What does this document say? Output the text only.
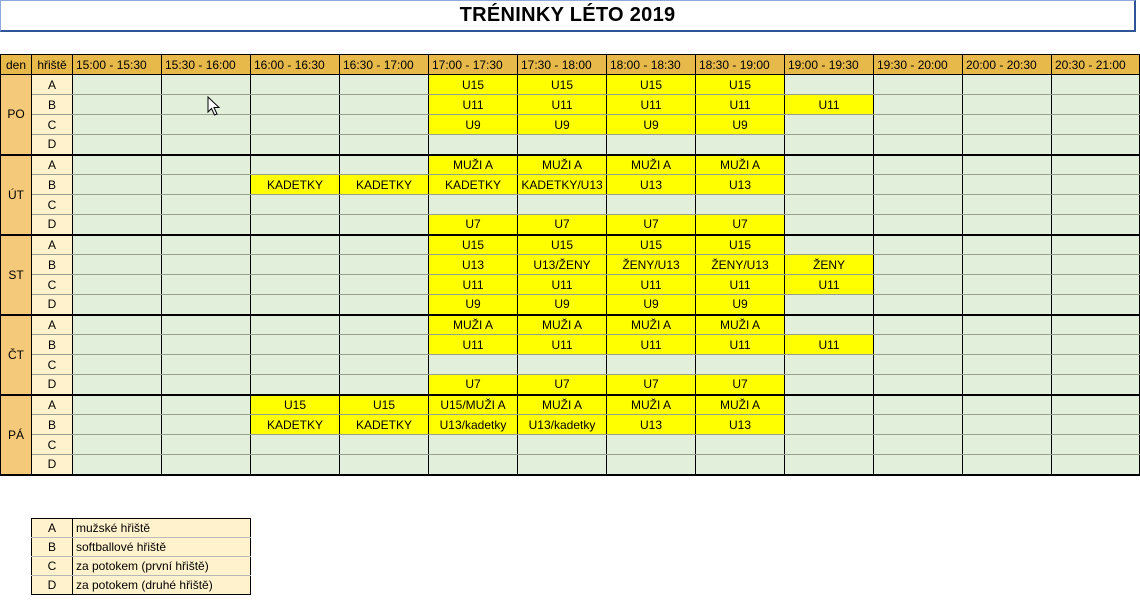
TRÉNINKY LÉTO 2019
den	hřiště	15:00 - 15:30	15:30 - 16:00	16:00 - 16:30	16:30 - 17:00	17:00 - 17:30	17:30 - 18:00	18:00 - 18:30	18:30 - 19:00	19:00 - 19:30	19:30 - 20:00	20:00 - 20:30	20:30 - 21:00
PO	A					U15	U15	U15	U15				
	B					U11	U11	U11	U11	U11			
	C					U9	U9	U9	U9				
	D												
ÚT	A					MUŽI A	MUŽI A	MUŽI A	MUŽI A				
	B			KADETKY	KADETKY	KADETKY	KADETKY/U13	U13	U13				
	C												
	D					U7	U7	U7	U7				
ST	A					U15	U15	U15	U15				
	B					U13	U13/ŽENY	ŽENY/U13	ŽENY/U13	ŽENY			
	C					U11	U11	U11	U11	U11			
	D					U9	U9	U9	U9				
ČT	A					MUŽI A	MUŽI A	MUŽI A	MUŽI A				
	B					U11	U11	U11	U11	U11			
	C												
	D					U7	U7	U7	U7				
PÁ	A			U15	U15	U15/MUŽI A	MUŽI A	MUŽI A	MUŽI A				
	B			KADETKY	KADETKY	U13/kadetky	U13/kadetky	U13	U13				
	C												
	D												
A	mužské hřiště
B	softballové hřiště
C	za potokem (první hřiště)
D	za potokem (druhé hřiště)
